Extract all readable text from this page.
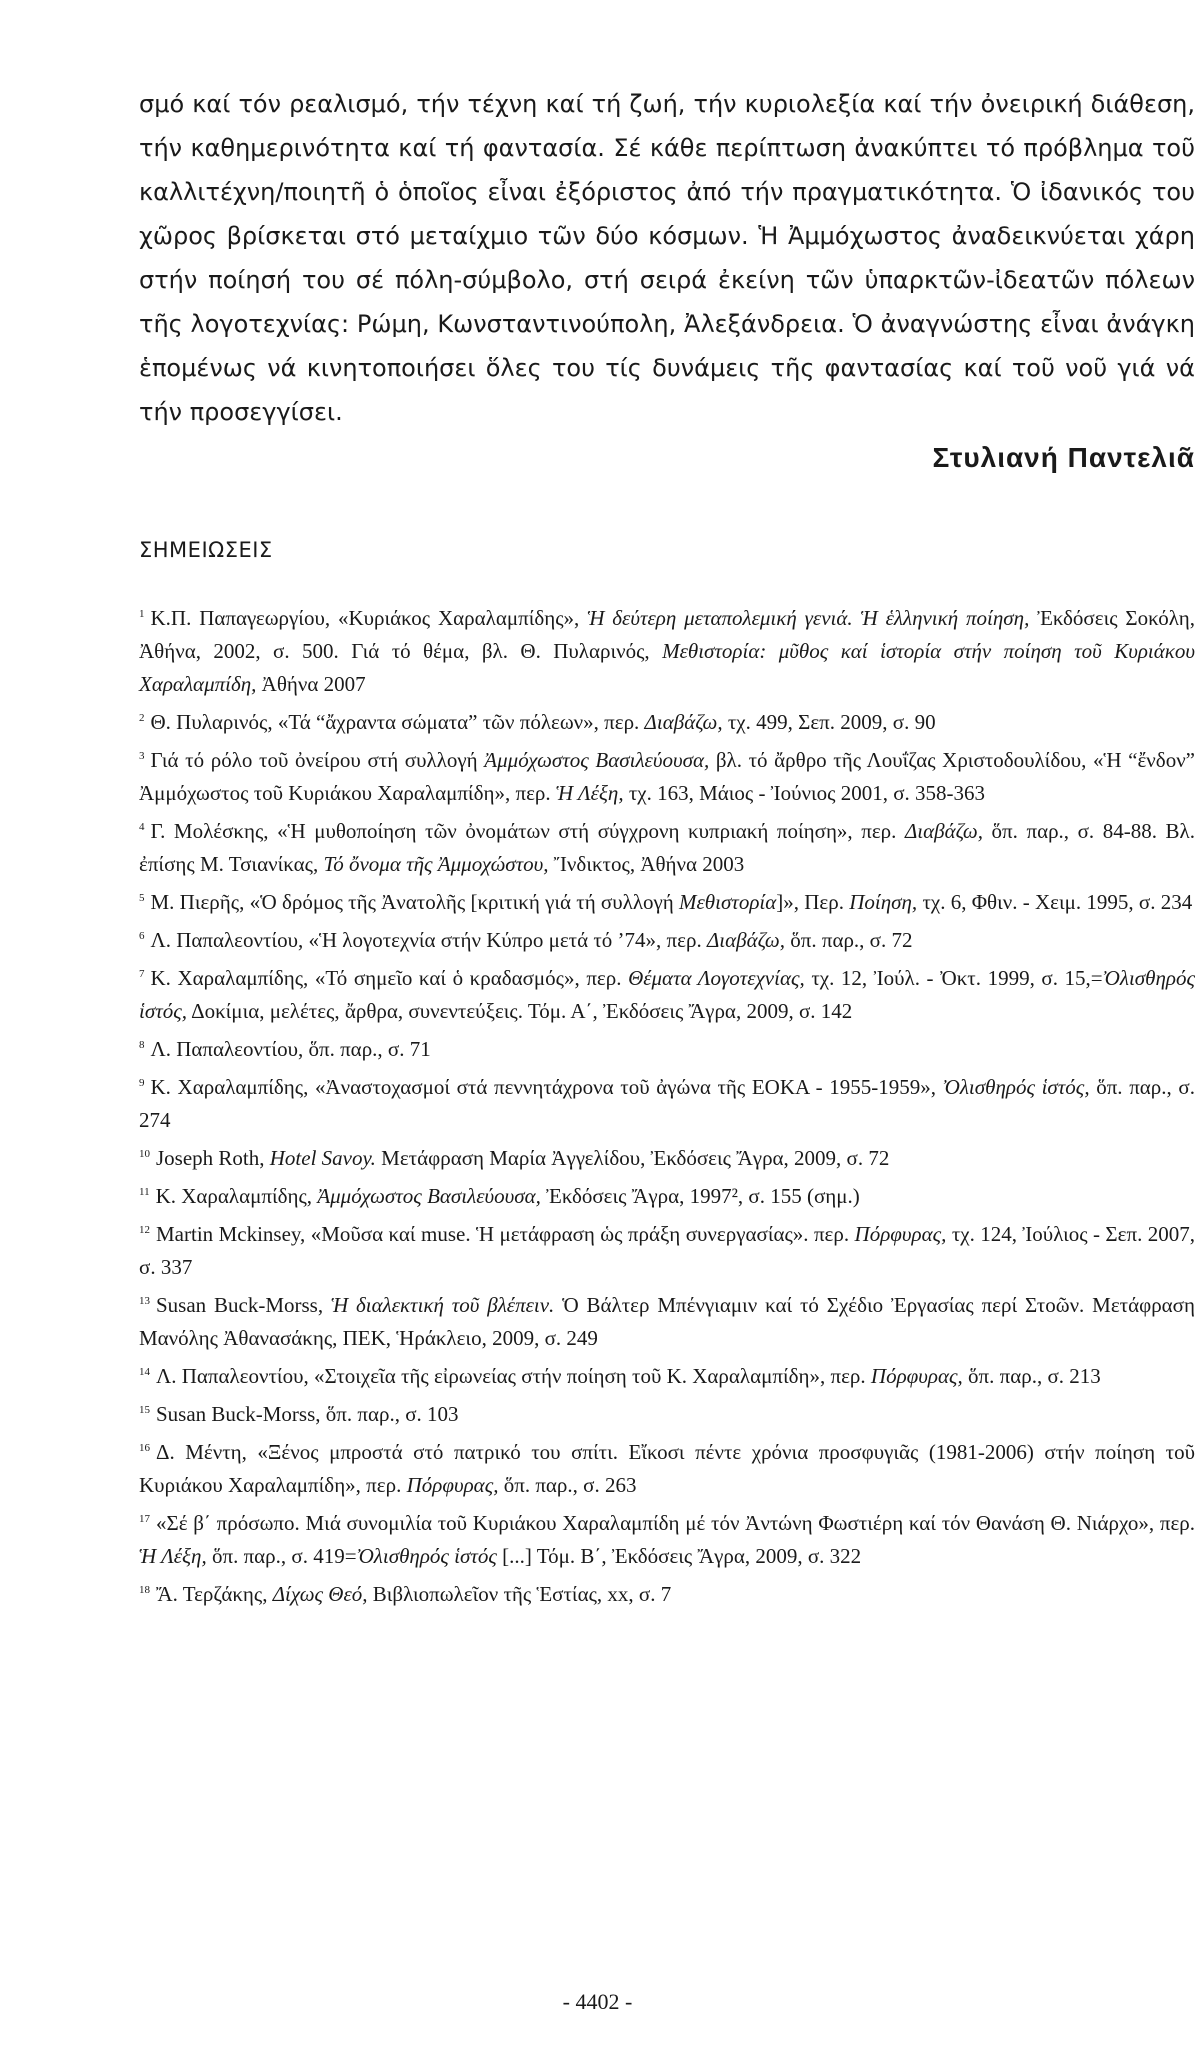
σμό καί τόν ρεαλισμό, τήν τέχνη καί τή ζωή, τήν κυριολεξία καί τήν ὀνειρική διάθεση, τήν καθημερινότητα καί τή φαντασία. Σέ κάθε περίπτωση ἀνακύπτει τό πρόβλημα τοῦ καλλιτέχνη/ποιητῆ ὁ ὁποῖος εἶναι ἐξόριστος ἀπό τήν πραγματικότητα. Ὁ ἰδανικός του χῶρος βρίσκεται στό μεταίχμιο τῶν δύο κόσμων. Ἡ Ἀμμόχωστος ἀναδεικνύεται χάρη στήν ποίησή του σέ πόλη-σύμβολο, στή σειρά ἐκείνη τῶν ὑπαρκτῶν-ἰδεατῶν πόλεων τῆς λογοτεχνίας: Ρώμη, Κωνσταντινούπολη, Ἀλεξάνδρεια. Ὁ ἀναγνώστης εἶναι ἀνάγκη ἑπομένως νά κινητοποιήσει ὅλες του τίς δυνάμεις τῆς φαντασίας καί τοῦ νοῦ γιά νά τήν προσεγγίσει.

Στυλιανή Παντελιᾶ
ΣΗΜΕΙΩΣΕΙΣ

$^1$ Κ.Π. Παπαγεωργίου, «Κυριάκος Χαραλαμπίδης», Ἡ δεύτερη μεταπολεμική γενιά. Ἡ ἑλληνική ποίηση, Ἐκδόσεις Σοκόλη, Ἀθήνα, 2002, σ. 500. Γιά τό θέμα, βλ. Θ. Πυλαρινός, Μεθιστορία: μῦθος καί ἱστορία στήν ποίηση τοῦ Κυριάκου Χαραλαμπίδη, Ἀθήνα 2007

$^2$ Θ. Πυλαρινός, «Τά “ἄχραντα σώματα” τῶν πόλεων», περ. Διαβάζω, τχ. 499, Σεπ. 2009, σ. 90

$^3$ Γιά τό ρόλο τοῦ ὀνείρου στή συλλογή Ἀμμόχωστος Βασιλεύουσα, βλ. τό ἄρθρο τῆς Λουΐζας Χριστοδουλίδου, «Ἡ “ἔνδον” Ἀμμόχωστος τοῦ Κυριάκου Χαραλαμπίδη», περ. Ἡ Λέξη, τχ. 163, Μάιος - Ἰούνιος 2001, σ. 358-363

$^4$ Γ. Μολέσκης, «Ἡ μυθοποίηση τῶν ὀνομάτων στή σύγχρονη κυπριακή ποίηση», περ. Διαβάζω, ὅπ. παρ., σ. 84-88. Βλ. ἐπίσης Μ. Τσιανίκας, Τό ὄνομα τῆς Ἀμμοχώστου, Ἴνδικτος, Ἀθήνα 2003

$^5$ Μ. Πιερῆς, «Ὁ δρόμος τῆς Ἀνατολῆς [κριτική γιά τή συλλογή Μεθιστορία]», Περ. Ποίηση, τχ. 6, Φθιν. - Χειμ. 1995, σ. 234

$^6$ Λ. Παπαλεοντίου, «Ἡ λογοτεχνία στήν Κύπρο μετά τό ’74», περ. Διαβάζω, ὅπ. παρ., σ. 72

$^7$ Κ. Χαραλαμπίδης, «Τό σημεῖο καί ὁ κραδασμός», περ. Θέματα Λογοτεχνίας, τχ. 12, Ἰούλ. - Ὀκτ. 1999, σ. 15,=Ὀλισθηρός ἱστός, Δοκίμια, μελέτες, ἄρθρα, συνεντεύξεις. Τόμ. Α΄, Ἐκδόσεις Ἄγρα, 2009, σ. 142

$^8$ Λ. Παπαλεοντίου, ὅπ. παρ., σ. 71

$^9$ Κ. Χαραλαμπίδης, «Ἀναστοχασμοί στά πεννητάχρονα τοῦ ἀγώνα τῆς ΕΟΚΑ - 1955-1959», Ὀλισθηρός ἱστός, ὅπ. παρ., σ. 274

$^{10}$ Joseph Roth, Hotel Savoy. Μετάφραση Μαρία Ἀγγελίδου, Ἐκδόσεις Ἄγρα, 2009, σ. 72

$^{11}$ Κ. Χαραλαμπίδης, Ἀμμόχωστος Βασιλεύουσα, Ἐκδόσεις Ἄγρα, 1997², σ. 155 (σημ.)

$^{12}$ Martin Mckinsey, «Μοῦσα καί muse. Ἡ μετάφραση ὡς πράξη συνεργασίας». περ. Πόρφυρας, τχ. 124, Ἰούλιος - Σεπ. 2007, σ. 337

$^{13}$ Susan Buck-Morss, Ἡ διαλεκτική τοῦ βλέπειν. Ὁ Βάλτερ Μπένγιαμιν καί τό Σχέδιο Ἐργασίας περί Στοῶν. Μετάφραση Μανόλης Ἀθανασάκης, ΠΕΚ, Ἡράκλειο, 2009, σ. 249

$^{14}$ Λ. Παπαλεοντίου, «Στοιχεῖα τῆς εἰρωνείας στήν ποίηση τοῦ Κ. Χαραλαμπίδη», περ. Πόρφυρας, ὅπ. παρ., σ. 213

$^{15}$ Susan Buck-Morss, ὅπ. παρ., σ. 103

$^{16}$ Δ. Μέντη, «Ξένος μπροστά στό πατρικό του σπίτι. Εἴκοσι πέντε χρόνια προσφυγιᾶς (1981-2006) στήν ποίηση τοῦ Κυριάκου Χαραλαμπίδη», περ. Πόρφυρας, ὅπ. παρ., σ. 263

$^{17}$ «Σέ β΄ πρόσωπο. Μιά συνομιλία τοῦ Κυριάκου Χαραλαμπίδη μέ τόν Ἀντώνη Φωστιέρη καί τόν Θανάση Θ. Νιάρχο», περ. Ἡ Λέξη, ὅπ. παρ., σ. 419=Ὀλισθηρός ἱστός [...] Τόμ. Β΄, Ἐκδόσεις Ἄγρα, 2009, σ. 322

$^{18}$ Ἄ. Τερζάκης, Δίχως Θεό, Βιβλιοπωλεῖον τῆς Ἑστίας, xx, σ. 7

- 4402 -
